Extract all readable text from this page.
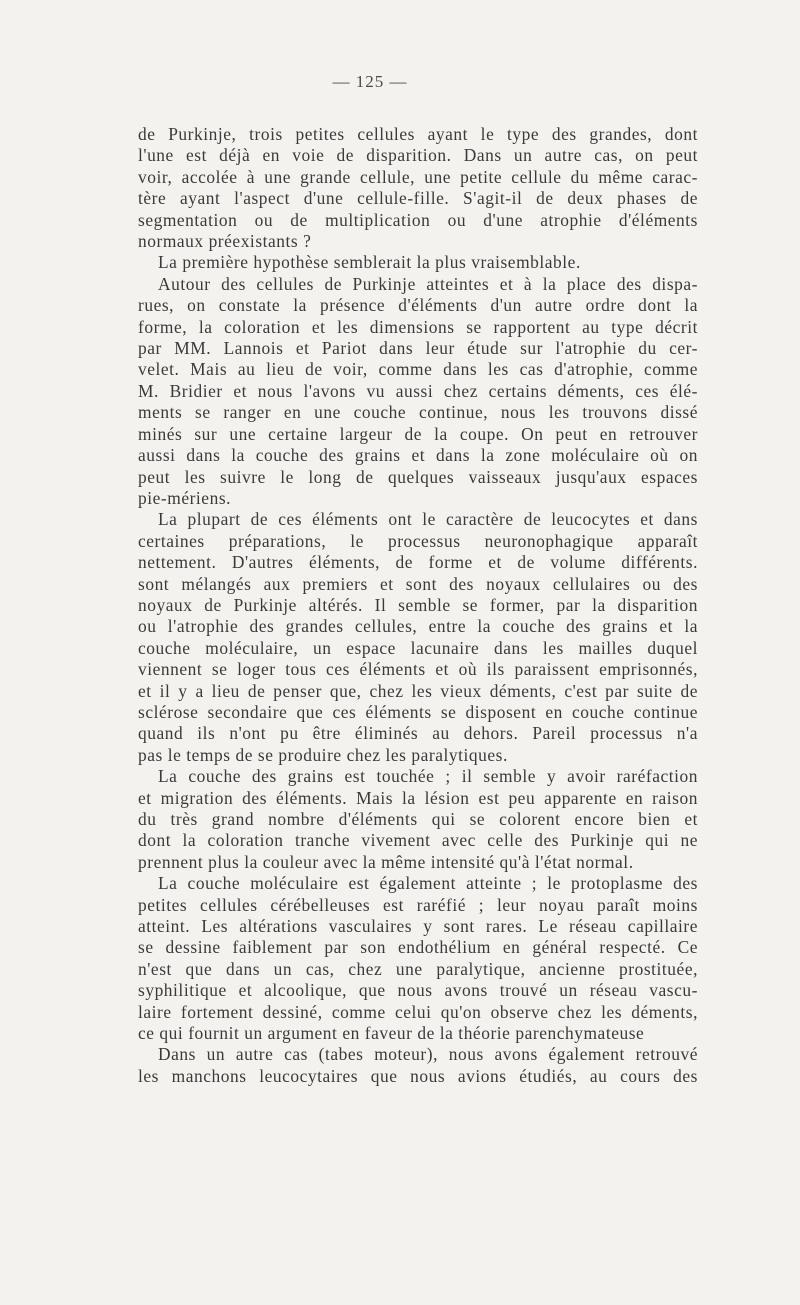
— 125 —
de Purkinje, trois petites cellules ayant le type des grandes, dont
l'une est déjà en voie de disparition. Dans un autre cas, on peut
voir, accolée à une grande cellule, une petite cellule du même carac-
tère ayant l'aspect d'une cellule-fille. S'agit-il de deux phases de
segmentation ou de multiplication ou d'une atrophie d'éléments
normaux préexistants ?
La première hypothèse semblerait la plus vraisemblable.
Autour des cellules de Purkinje atteintes et à la place des dispa-
rues, on constate la présence d'éléments d'un autre ordre dont la
forme, la coloration et les dimensions se rapportent au type décrit
par MM. Lannois et Pariot dans leur étude sur l'atrophie du cer-
velet. Mais au lieu de voir, comme dans les cas d'atrophie, comme
M. Bridier et nous l'avons vu aussi chez certains déments, ces élé-
ments se ranger en une couche continue, nous les trouvons dissé
minés sur une certaine largeur de la coupe. On peut en retrouver
aussi dans la couche des grains et dans la zone moléculaire où on
peut les suivre le long de quelques vaisseaux jusqu'aux espaces
pie-mériens.
La plupart de ces éléments ont le caractère de leucocytes et dans
certaines préparations, le processus neuronophagique apparaît
nettement. D'autres éléments, de forme et de volume différents.
sont mélangés aux premiers et sont des noyaux cellulaires ou des
noyaux de Purkinje altérés. Il semble se former, par la disparition
ou l'atrophie des grandes cellules, entre la couche des grains et la
couche moléculaire, un espace lacunaire dans les mailles duquel
viennent se loger tous ces éléments et où ils paraissent emprisonnés,
et il y a lieu de penser que, chez les vieux déments, c'est par suite de
sclérose secondaire que ces éléments se disposent en couche continue
quand ils n'ont pu être éliminés au dehors. Pareil processus n'a
pas le temps de se produire chez les paralytiques.
La couche des grains est touchée ; il semble y avoir raréfaction
et migration des éléments. Mais la lésion est peu apparente en raison
du très grand nombre d'éléments qui se colorent encore bien et
dont la coloration tranche vivement avec celle des Purkinje qui ne
prennent plus la couleur avec la même intensité qu'à l'état normal.
La couche moléculaire est également atteinte ; le protoplasme des
petites cellules cérébelleuses est raréfié ; leur noyau paraît moins
atteint. Les altérations vasculaires y sont rares. Le réseau capillaire
se dessine faiblement par son endothélium en général respecté. Ce
n'est que dans un cas, chez une paralytique, ancienne prostituée,
syphilitique et alcoolique, que nous avons trouvé un réseau vascu-
laire fortement dessiné, comme celui qu'on observe chez les déments,
ce qui fournit un argument en faveur de la théorie parenchymateuse
Dans un autre cas (tabes moteur), nous avons également retrouvé
les manchons leucocytaires que nous avions étudiés, au cours des
